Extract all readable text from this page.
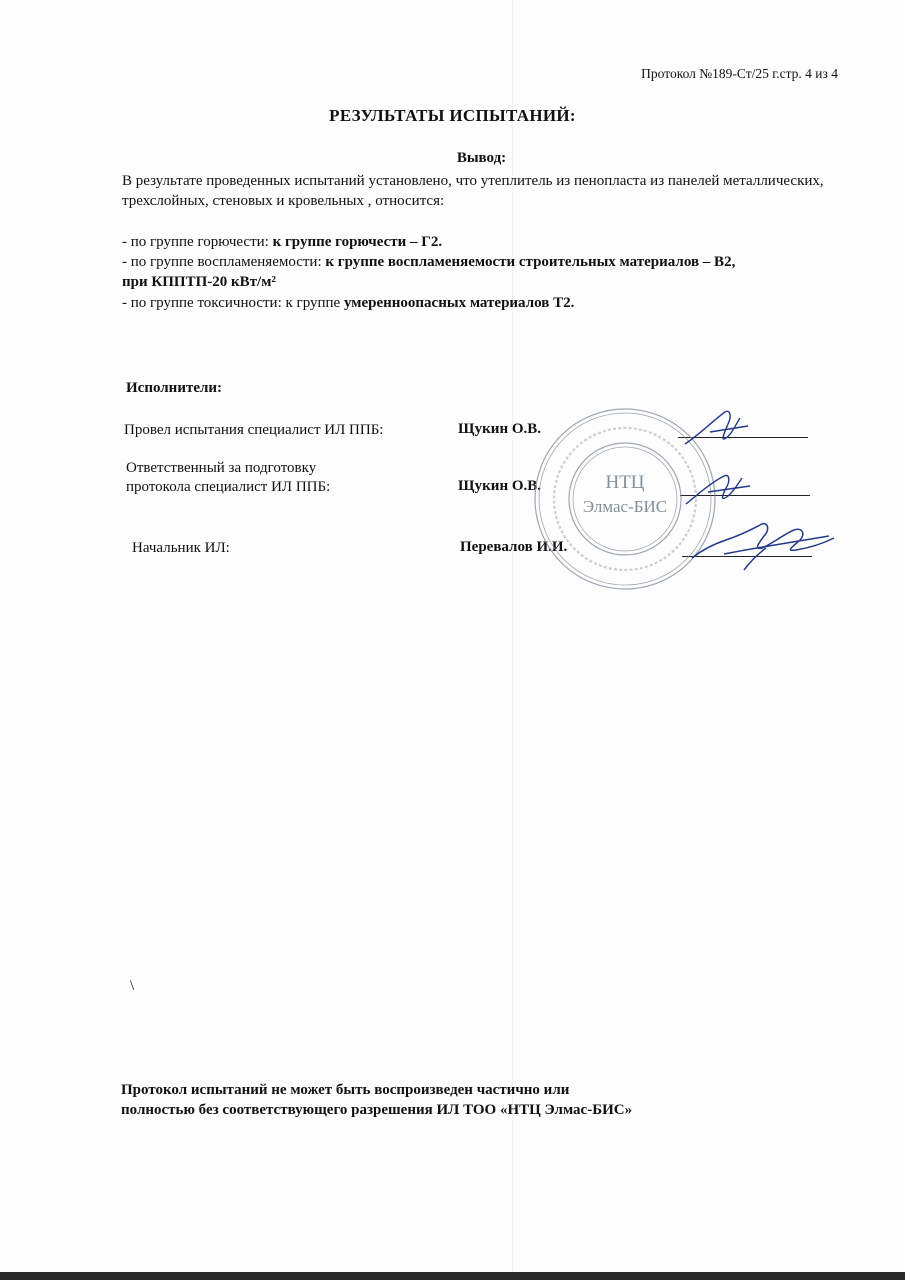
Протокол №189-Ст/25 г.стр. 4 из 4
РЕЗУЛЬТАТЫ ИСПЫТАНИЙ:
Вывод:
В результате проведенных испытаний установлено, что утеплитель из пенопласта из панелей металлических, трехслойных, стеновых и кровельных , относится:
- по группе горючести: к группе горючести – Г2.
- по группе воспламеняемости: к группе воспламеняемости строительных материалов – В2,
при КППТП-20 кВт/м²
- по группе токсичности: к группе умеренноопасных материалов Т2.
Исполнители:
Провел испытания специалист ИЛ ППБ:	Щукин О.В.
Ответственный за подготовку
протокола специалист ИЛ ППБ:	Щукин О.В.
Начальник ИЛ:	Перевалов И.И.
НТЦ
Элмас-БИС
\
Протокол испытаний не может быть воспроизведен частично или
полностью без соответствующего разрешения ИЛ ТОО «НТЦ Элмас-БИС»
